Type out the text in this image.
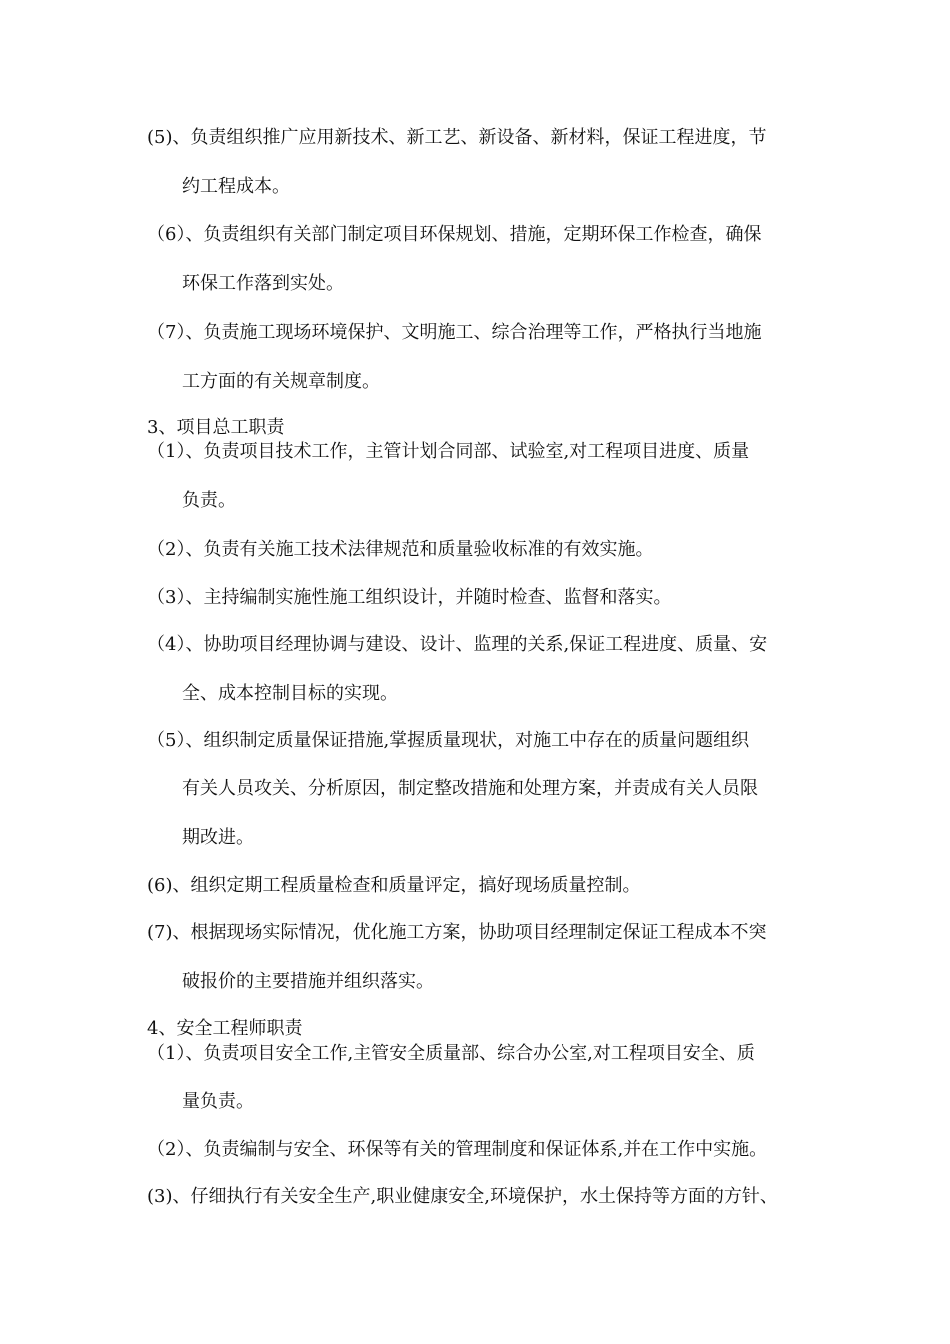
(5)、负责组织推广应用新技术、新工艺、新设备、新材料，保证工程进度，节
约工程成本。
（6）、负责组织有关部门制定项目环保规划、措施，定期环保工作检查，确保
环保工作落到实处。
（7）、负责施工现场环境保护、文明施工、综合治理等工作，严格执行当地施
工方面的有关规章制度。
3、项目总工职责
（1）、负责项目技术工作，主管计划合同部、试验室,对工程项目进度、质量
负责。
（2）、负责有关施工技术法律规范和质量验收标准的有效实施。
（3）、主持编制实施性施工组织设计，并随时检查、监督和落实。
（4）、协助项目经理协调与建设、设计、监理的关系,保证工程进度、质量、安
全、成本控制目标的实现。
（5）、组织制定质量保证措施,掌握质量现状，对施工中存在的质量问题组织
有关人员攻关、分析原因，制定整改措施和处理方案，并责成有关人员限
期改进。
(6)、组织定期工程质量检查和质量评定，搞好现场质量控制。
(7)、根据现场实际情况，优化施工方案，协助项目经理制定保证工程成本不突
破报价的主要措施并组织落实。
4、安全工程师职责
（1）、负责项目安全工作,主管安全质量部、综合办公室,对工程项目安全、质
量负责。
（2）、负责编制与安全、环保等有关的管理制度和保证体系,并在工作中实施。
(3)、仔细执行有关安全生产,职业健康安全,环境保护，水土保持等方面的方针、
